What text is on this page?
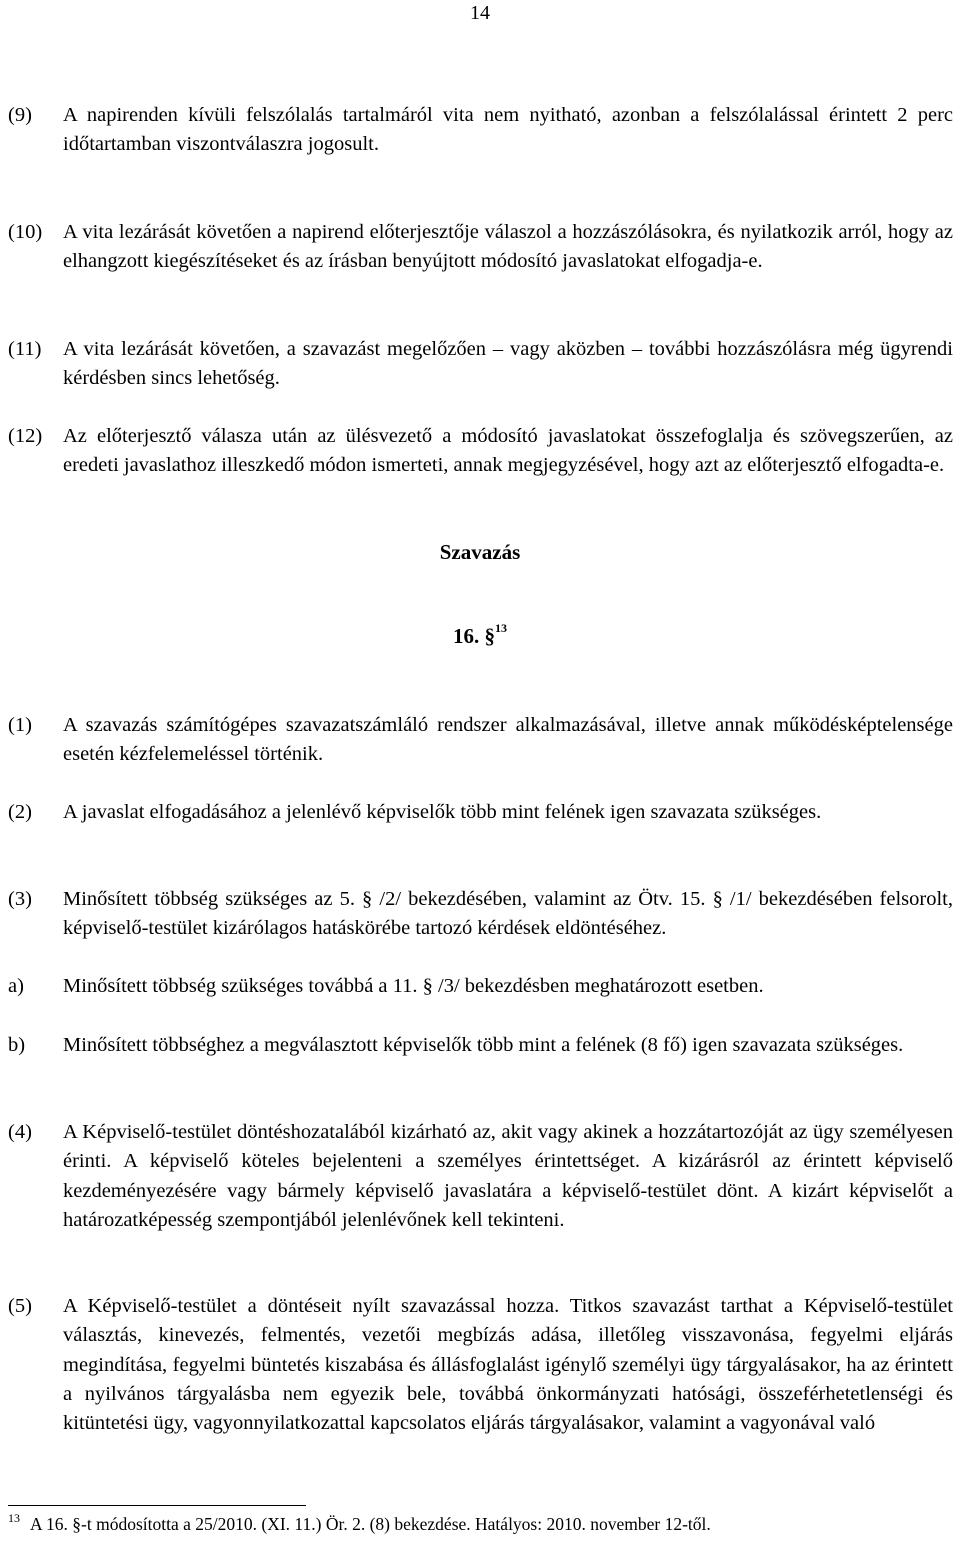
14
(9) A napirenden kívüli felszólalás tartalmáról vita nem nyitható, azonban a felszólalással érintett 2 perc időtartamban viszontválaszra jogosult.
(10) A vita lezárását követően a napirend előterjesztője válaszol a hozzászólásokra, és nyilatkozik arról, hogy az elhangzott kiegészítéseket és az írásban benyújtott módosító javaslatokat elfogadja-e.
(11) A vita lezárását követően, a szavazást megelőzően – vagy aközben – további hozzászólásra még ügyrendi kérdésben sincs lehetőség.
(12) Az előterjesztő válasza után az ülésvezető a módosító javaslatokat összefoglalja és szövegszerűen, az eredeti javaslathoz illeszkedő módon ismerteti, annak megjegyzésével, hogy azt az előterjesztő elfogadta-e.
Szavazás
16. §$^{13}$
(1) A szavazás számítógépes szavazatszámláló rendszer alkalmazásával, illetve annak működésképtelensége esetén kézfelemeléssel történik.
(2) A javaslat elfogadásához a jelenlévő képviselők több mint felének igen szavazata szükséges.
(3) Minősített többség szükséges az 5. § /2/ bekezdésében, valamint az Ötv. 15. § /1/ bekezdésében felsorolt, képviselő-testület kizárólagos hatáskörébe tartozó kérdések eldöntéséhez.
a) Minősített többség szükséges továbbá a 11. § /3/ bekezdésben meghatározott esetben.
b) Minősített többséghez a megválasztott képviselők több mint a felének (8 fő) igen szavazata szükséges.
(4) A Képviselő-testület döntéshozatalából kizárható az, akit vagy akinek a hozzátartozóját az ügy személyesen érinti. A képviselő köteles bejelenteni a személyes érintettséget. A kizárásról az érintett képviselő kezdeményezésére vagy bármely képviselő javaslatára a képviselő-testület dönt. A kizárt képviselőt a határozatképesség szempontjából jelenlévőnek kell tekinteni.
(5) A Képviselő-testület a döntéseit nyílt szavazással hozza. Titkos szavazást tarthat a Képviselő-testület választás, kinevezés, felmentés, vezetői megbízás adása, illetőleg visszavonása, fegyelmi eljárás megindítása, fegyelmi büntetés kiszabása és állásfoglalást igénylő személyi ügy tárgyalásakor, ha az érintett a nyilvános tárgyalásba nem egyezik bele, továbbá önkormányzati hatósági, összeférhetetlenségi és kitüntetési ügy, vagyonnyilatkozattal kapcsolatos eljárás tárgyalásakor, valamint a vagyonával való
$^{13}$ A 16. §-t módosította a 25/2010. (XI. 11.) Ör. 2. (8) bekezdése. Hatályos: 2010. november 12-től.
